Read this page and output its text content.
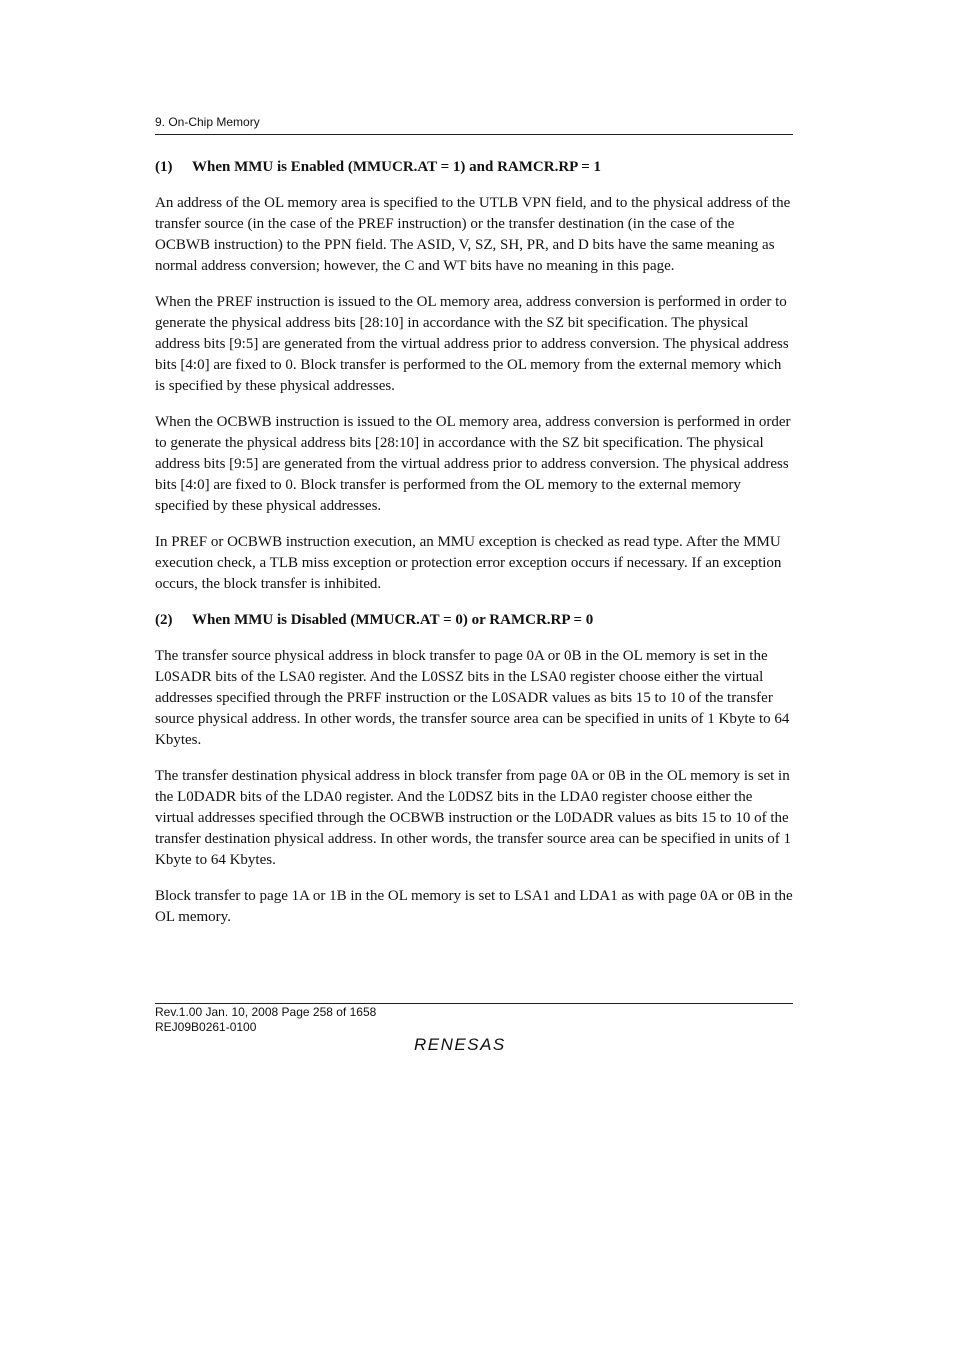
9. On-Chip Memory
(1) When MMU is Enabled (MMUCR.AT = 1) and RAMCR.RP = 1

An address of the OL memory area is specified to the UTLB VPN field, and to the physical address of the transfer source (in the case of the PREF instruction) or the transfer destination (in the case of the OCBWB instruction) to the PPN field. The ASID, V, SZ, SH, PR, and D bits have the same meaning as normal address conversion; however, the C and WT bits have no meaning in this page.

When the PREF instruction is issued to the OL memory area, address conversion is performed in order to generate the physical address bits [28:10] in accordance with the SZ bit specification. The physical address bits [9:5] are generated from the virtual address prior to address conversion. The physical address bits [4:0] are fixed to 0. Block transfer is performed to the OL memory from the external memory which is specified by these physical addresses.

When the OCBWB instruction is issued to the OL memory area, address conversion is performed in order to generate the physical address bits [28:10] in accordance with the SZ bit specification. The physical address bits [9:5] are generated from the virtual address prior to address conversion. The physical address bits [4:0] are fixed to 0. Block transfer is performed from the OL memory to the external memory specified by these physical addresses.

In PREF or OCBWB instruction execution, an MMU exception is checked as read type. After the MMU execution check, a TLB miss exception or protection error exception occurs if necessary. If an exception occurs, the block transfer is inhibited.

(2) When MMU is Disabled (MMUCR.AT = 0) or RAMCR.RP = 0

The transfer source physical address in block transfer to page 0A or 0B in the OL memory is set in the L0SADR bits of the LSA0 register. And the L0SSZ bits in the LSA0 register choose either the virtual addresses specified through the PRFF instruction or the L0SADR values as bits 15 to 10 of the transfer source physical address. In other words, the transfer source area can be specified in units of 1 Kbyte to 64 Kbytes.

The transfer destination physical address in block transfer from page 0A or 0B in the OL memory is set in the L0DADR bits of the LDA0 register. And the L0DSZ bits in the LDA0 register choose either the virtual addresses specified through the OCBWB instruction or the L0DADR values as bits 15 to 10 of the transfer destination physical address. In other words, the transfer source area can be specified in units of 1 Kbyte to 64 Kbytes.

Block transfer to page 1A or 1B in the OL memory is set to LSA1 and LDA1 as with page 0A or 0B in the OL memory.

Rev.1.00 Jan. 10, 2008 Page 258 of 1658
REJ09B0261-0100
RENESAS
